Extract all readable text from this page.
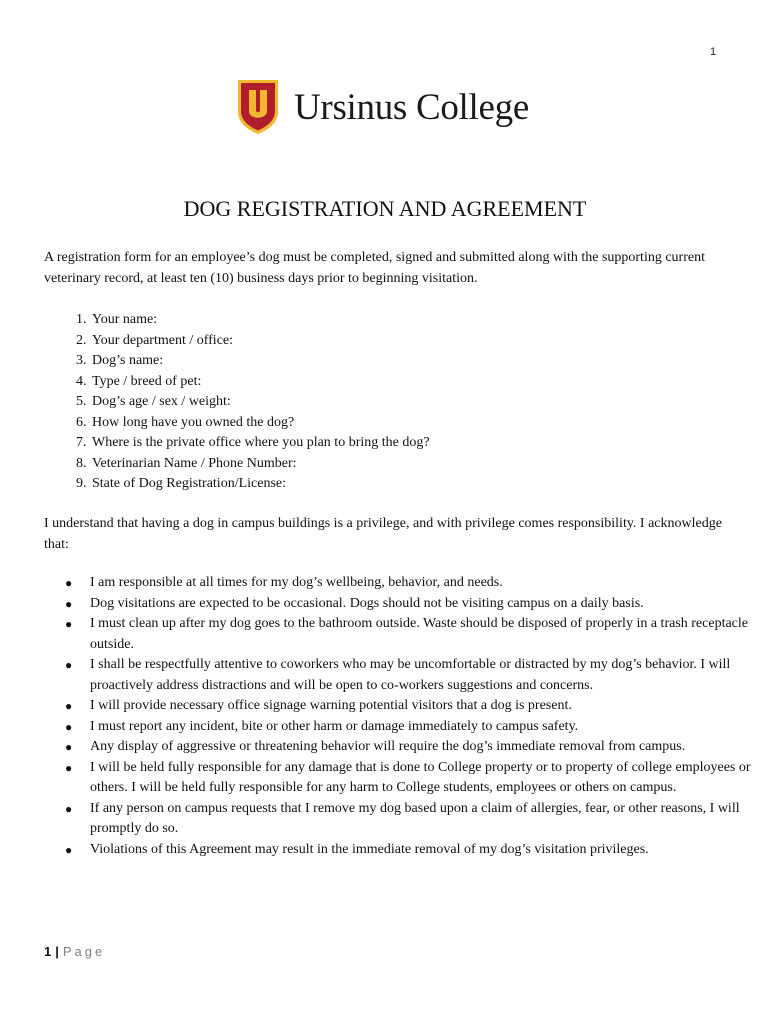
1
Ursinus College
DOG REGISTRATION AND AGREEMENT

A registration form for an employee’s dog must be completed, signed and submitted along with the supporting current veterinary record, at least ten (10) business days prior to beginning visitation.

1. Your name:
2. Your department / office:
3. Dog’s name:
4. Type / breed of pet:
5. Dog’s age / sex / weight:
6. How long have you owned the dog?
7. Where is the private office where you plan to bring the dog?
8. Veterinarian Name / Phone Number:
9. State of Dog Registration/License:

I understand that having a dog in campus buildings is a privilege, and with privilege comes responsibility. I acknowledge that:

● I am responsible at all times for my dog’s wellbeing, behavior, and needs.
● Dog visitations are expected to be occasional. Dogs should not be visiting campus on a daily basis.
● I must clean up after my dog goes to the bathroom outside. Waste should be disposed of properly in a trash receptacle outside.
● I shall be respectfully attentive to coworkers who may be uncomfortable or distracted by my dog’s behavior. I will proactively address distractions and will be open to co-workers suggestions and concerns.
● I will provide necessary office signage warning potential visitors that a dog is present.
● I must report any incident, bite or other harm or damage immediately to campus safety.
● Any display of aggressive or threatening behavior will require the dog’s immediate removal from campus.
● I will be held fully responsible for any damage that is done to College property or to property of college employees or others. I will be held fully responsible for any harm to College students, employees or others on campus.
● If any person on campus requests that I remove my dog based upon a claim of allergies, fear, or other reasons, I will promptly do so.
● Violations of this Agreement may result in the immediate removal of my dog’s visitation privileges.
1 | Page
